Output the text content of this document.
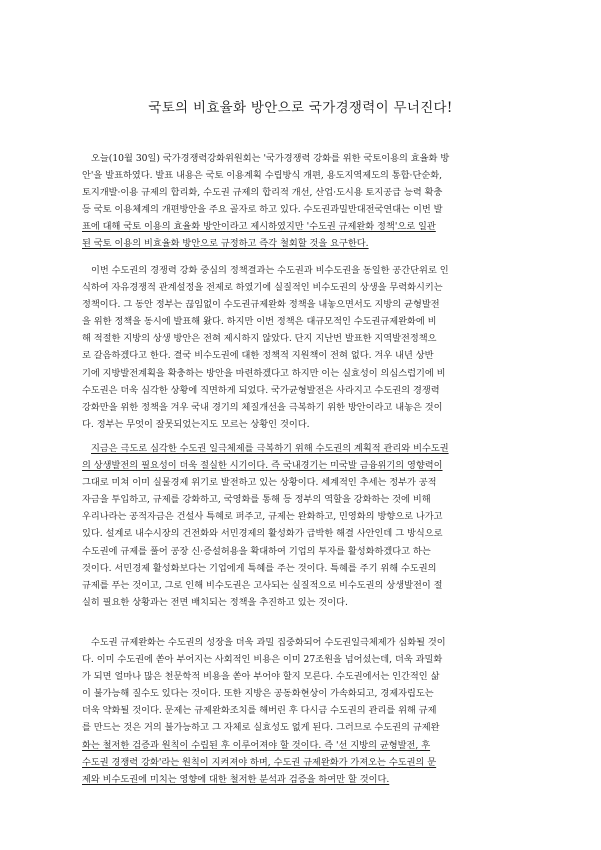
국토의 비효율화 방안으로 국가경쟁력이 무너진다!
오늘(10월 30일) 국가경쟁력강화위원회는 '국가경쟁력 강화를 위한 국토이용의 효율화 방
안'을 발표하였다. 발표 내용은 국토 이용계획 수립방식 개편, 용도지역제도의 통합·단순화,
토지개발·이용 규제의 합리화, 수도권 규제의 합리적 개선, 산업·도시용 토지공급 능력 확충
등 국토 이용체계의 개편방안을 주요 골자로 하고 있다. 수도권과밀반대전국연대는 이번 발
표에 대해 국토 이용의 효율화 방안이라고 제시하였지만 '수도권 규제완화 정책'으로 일관
된 국토 이용의 비효율화 방안으로 규정하고 즉각 철회할 것을 요구한다.
이번 수도권의 경쟁력 강화 중심의 정책결과는 수도권과 비수도권을 동일한 공간단위로 인
식하여 자유경쟁적 관계설정을 전제로 하였기에 실질적인 비수도권의 상생을 무력화시키는
정책이다. 그 동안 정부는 끊임없이 수도권규제완화 정책을 내놓으면서도 지방의 균형발전
을 위한 정책을 동시에 발표해 왔다. 하지만 이번 정책은 대규모적인 수도권규제완화에 비
해 적절한 지방의 상생 방안은 전혀 제시하지 않았다. 단지 지난번 발표한 지역발전정책으
로 갈음하겠다고 한다. 결국 비수도권에 대한 정책적 지원책이 전혀 없다. 겨우 내년 상반
기에 지방발전계획을 확충하는 방안을 마련하겠다고 하지만 이는 실효성이 의심스럽기에 비
수도권은 더욱 심각한 상황에 직면하게 되었다. 국가균형발전은 사라지고 수도권의 경쟁력
강화만을 위한 정책을 겨우 국내 경기의 체질개선을 극복하기 위한 방안이라고 내놓은 것이
다. 정부는 무엇이 잘못되었는지도 모르는 상황인 것이다.
지금은 극도로 심각한 수도권 일극체제를 극복하기 위해 수도권의 계획적 관리와 비수도권
의 상생발전의 필요성이 더욱 절실한 시기이다. 즉 국내경기는 미국발 금융위기의 영향력이
그대로 미쳐 이미 실물경제 위기로 발전하고 있는 상황이다. 세계적인 추세는 정부가 공적
자금을 투입하고, 규제를 강화하고, 국영화를 통해 등 정부의 역할을 강화하는 것에 비해
우리나라는 공적자금은 건설사 특혜로 퍼주고, 규제는 완화하고, 민영화의 방향으로 나가고
있다. 설계로 내수시장의 건전화와 서민경제의 활성화가 급박한 해결 사안인데 그 방식으로
수도권에 규제를 풀어 공장 신·증설허용을 확대하여 기업의 투자를 활성화하겠다고 하는
것이다. 서민경제 활성화보다는 기업에게 특혜를 주는 것이다. 특혜를 주기 위해 수도권의
규제를 푸는 것이고, 그로 인해 비수도권은 고사되는 실질적으로 비수도권의 상생발전이 절
실히 필요한 상황과는 전면 배치되는 정책을 추진하고 있는 것이다.
수도권 규제완화는 수도권의 성장을 더욱 과밀 집중화되어 수도권일극체제가 심화될 것이
다. 이미 수도권에 쏟아 부어지는 사회적인 비용은 이미 27조원을 넘어섰는데, 더욱 과밀화
가 되면 얼마나 많은 천문학적 비용을 쏟아 부어야 할지 모른다. 수도권에서는 인간적인 삶
이 불가능해 질수도 있다는 것이다. 또한 지방은 공동화현상이 가속화되고, 경제자립도는
더욱 약화될 것이다. 문제는 규제완화조치를 해버린 후 다시금 수도권의 관리를 위해 규제
를 만드는 것은 거의 불가능하고 그 자체로 실효성도 없게 된다. 그러므로 수도권의 규제완
화는 철저한 검증과 원칙이 수립된 후 이루어져야 할 것이다. 즉 '선 지방의 균형발전, 후
수도권 경쟁력 강화'라는 원칙이 지켜져야 하며, 수도권 규제완화가 가져오는 수도권의 문
제와 비수도권에 미치는 영향에 대한 철저한 분석과 검증을 하여만 할 것이다.
